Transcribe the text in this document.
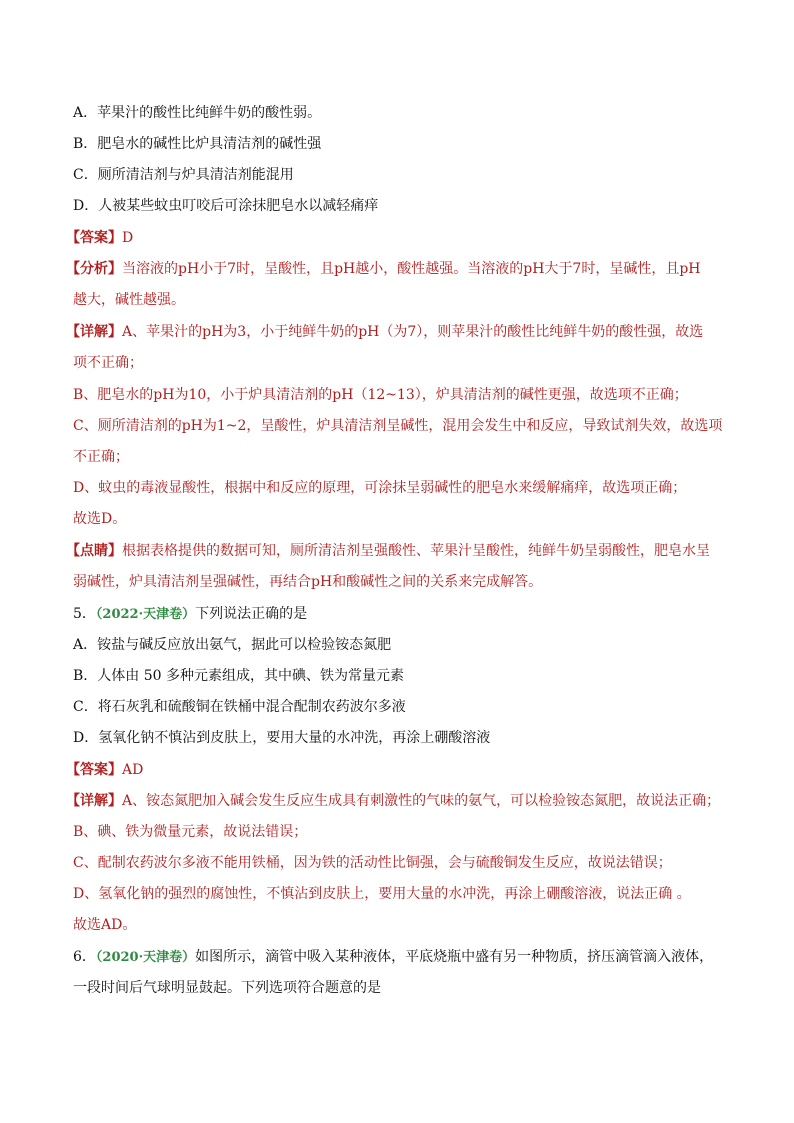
A．苹果汁的酸性比纯鲜牛奶的酸性弱。
B．肥皂水的碱性比炉具清洁剂的碱性强
C．厕所清洁剂与炉具清洁剂能混用
D．人被某些蚊虫叮咬后可涂抹肥皂水以减轻痛痒
【答案】D
【分析】当溶液的pH小于7时，呈酸性，且pH越小，酸性越强。当溶液的pH大于7时，呈碱性，且pH
越大，碱性越强。
【详解】A、苹果汁的pH为3，小于纯鲜牛奶的pH（为7），则苹果汁的酸性比纯鲜牛奶的酸性强，故选
项不正确；
B、肥皂水的pH为10，小于炉具清洁剂的pH（12~13），炉具清洁剂的碱性更强，故选项不正确；
C、厕所清洁剂的pH为1~2，呈酸性，炉具清洁剂呈碱性，混用会发生中和反应，导致试剂失效，故选项
不正确；
D、蚊虫的毒液显酸性，根据中和反应的原理，可涂抹呈弱碱性的肥皂水来缓解痛痒，故选项正确；
故选D。
【点睛】根据表格提供的数据可知，厕所清洁剂呈强酸性、苹果汁呈酸性，纯鲜牛奶呈弱酸性，肥皂水呈
弱碱性，炉具清洁剂呈强碱性，再结合pH和酸碱性之间的关系来完成解答。
5．（2022·天津卷）下列说法正确的是
A．铵盐与碱反应放出氨气，据此可以检验铵态氮肥
B．人体由 50 多种元素组成，其中碘、铁为常量元素
C．将石灰乳和硫酸铜在铁桶中混合配制农药波尔多液
D．氢氧化钠不慎沾到皮肤上，要用大量的水冲洗，再涂上硼酸溶液
【答案】AD
【详解】A、铵态氮肥加入碱会发生反应生成具有刺激性的气味的氨气，可以检验铵态氮肥，故说法正确；
B、碘、铁为微量元素，故说法错误；
C、配制农药波尔多液不能用铁桶，因为铁的活动性比铜强，会与硫酸铜发生反应，故说法错误；
D、氢氧化钠的强烈的腐蚀性，不慎沾到皮肤上，要用大量的水冲洗，再涂上硼酸溶液，说法正确 。
故选AD。
6．（2020·天津卷）如图所示，滴管中吸入某种液体，平底烧瓶中盛有另一种物质，挤压滴管滴入液体，
一段时间后气球明显鼓起。下列选项符合题意的是
